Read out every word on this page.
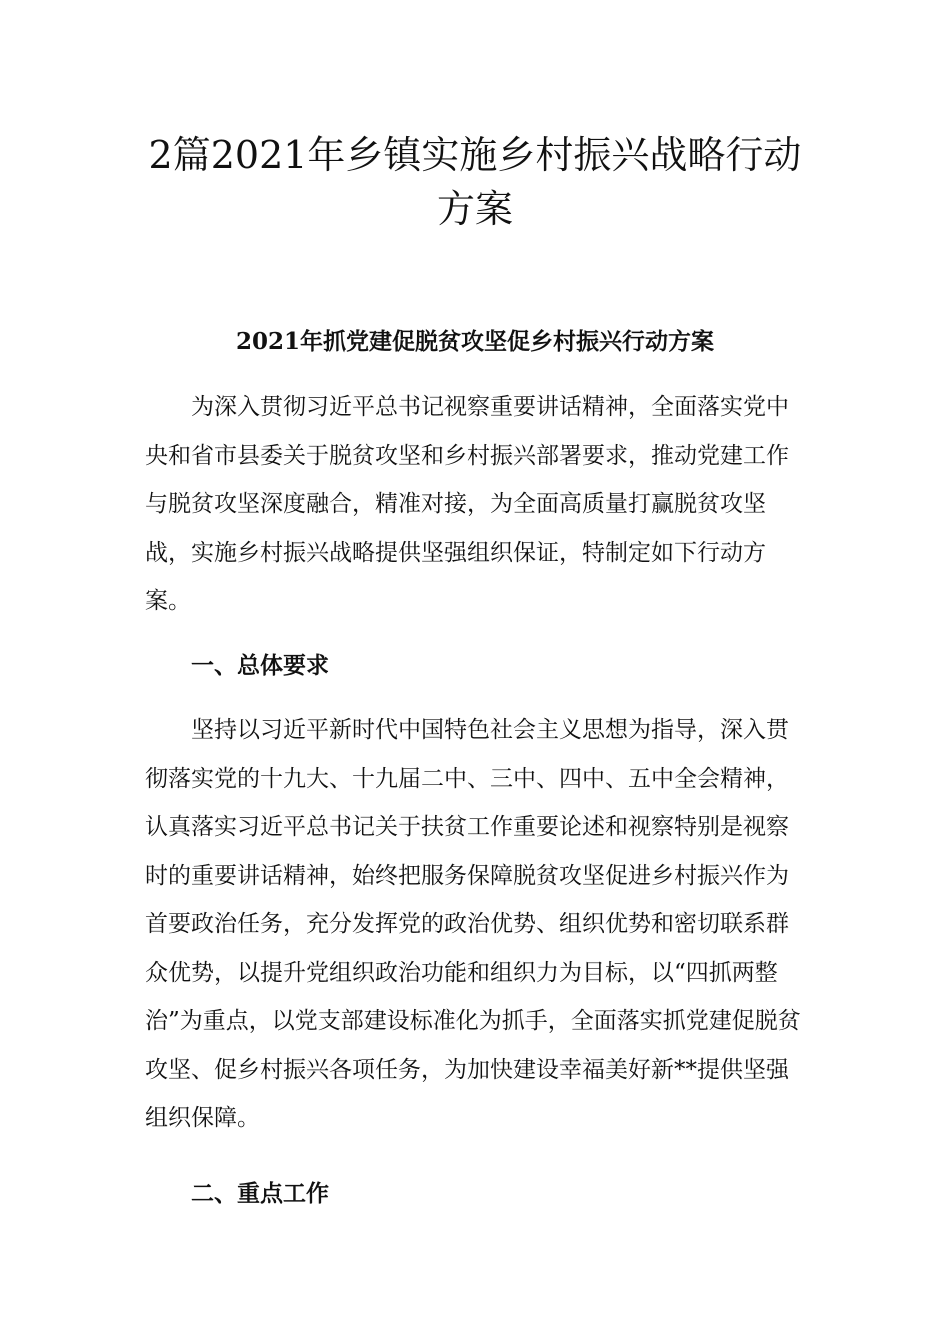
2篇2021年乡镇实施乡村振兴战略行动方案
2021年抓党建促脱贫攻坚促乡村振兴行动方案

为深入贯彻习近平总书记视察重要讲话精神，全面落实党中央和省市县委关于脱贫攻坚和乡村振兴部署要求，推动党建工作与脱贫攻坚深度融合，精准对接，为全面高质量打赢脱贫攻坚战，实施乡村振兴战略提供坚强组织保证，特制定如下行动方案。

一、总体要求

坚持以习近平新时代中国特色社会主义思想为指导，深入贯彻落实党的十九大、十九届二中、三中、四中、五中全会精神，认真落实习近平总书记关于扶贫工作重要论述和视察特别是视察时的重要讲话精神，始终把服务保障脱贫攻坚促进乡村振兴作为首要政治任务，充分发挥党的政治优势、组织优势和密切联系群众优势，以提升党组织政治功能和组织力为目标，以“四抓两整治”为重点，以党支部建设标准化为抓手，全面落实抓党建促脱贫攻坚、促乡村振兴各项任务，为加快建设幸福美好新**提供坚强组织保障。

二、重点工作
